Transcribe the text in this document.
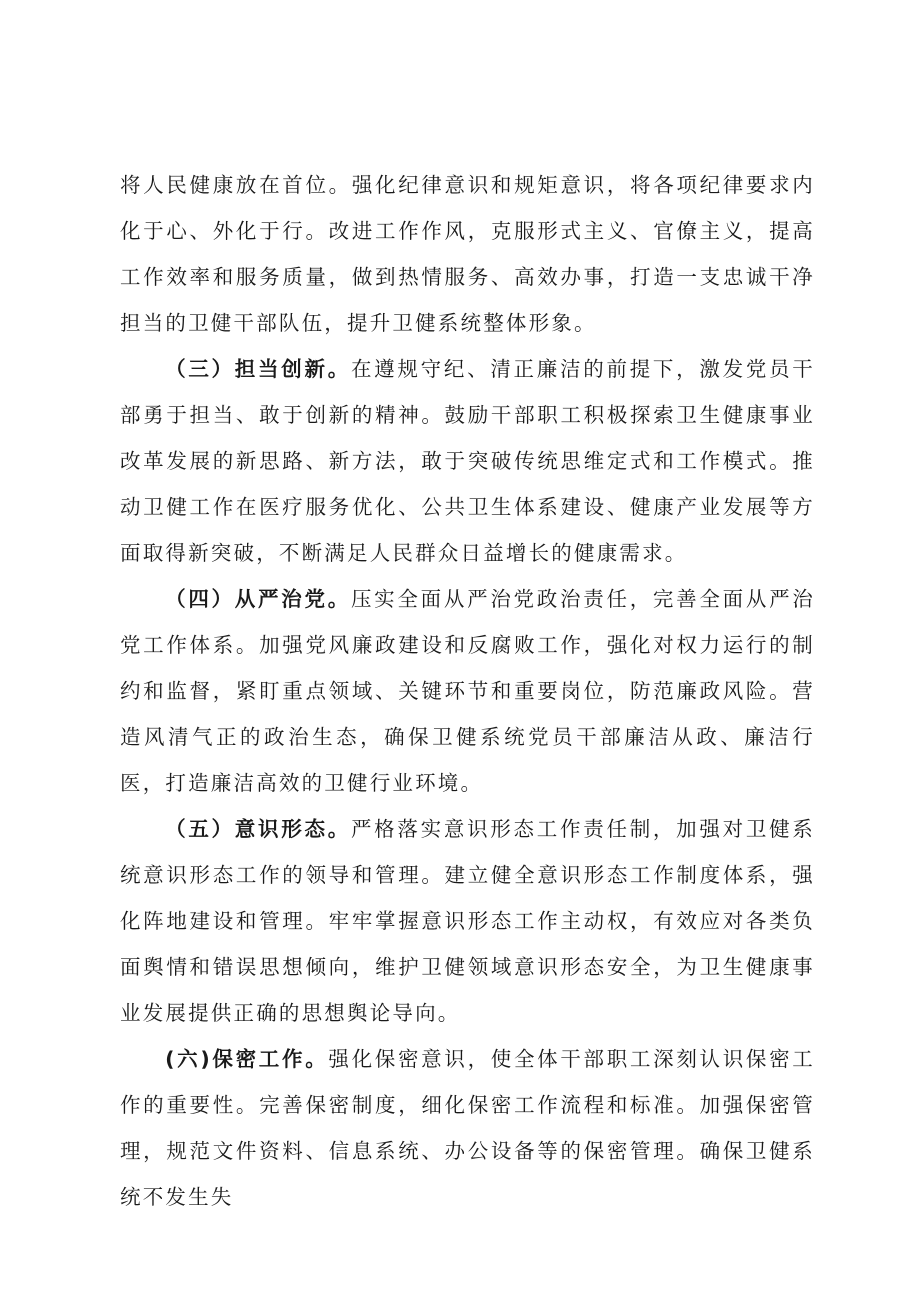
将人民健康放在首位。强化纪律意识和规矩意识，将各项纪律要求内化于心、外化于行。改进工作作风，克服形式主义、官僚主义，提高工作效率和服务质量，做到热情服务、高效办事，打造一支忠诚干净担当的卫健干部队伍，提升卫健系统整体形象。

（三）担当创新。在遵规守纪、清正廉洁的前提下，激发党员干部勇于担当、敢于创新的精神。鼓励干部职工积极探索卫生健康事业改革发展的新思路、新方法，敢于突破传统思维定式和工作模式。推动卫健工作在医疗服务优化、公共卫生体系建设、健康产业发展等方面取得新突破，不断满足人民群众日益增长的健康需求。

（四）从严治党。压实全面从严治党政治责任，完善全面从严治党工作体系。加强党风廉政建设和反腐败工作，强化对权力运行的制约和监督，紧盯重点领域、关键环节和重要岗位，防范廉政风险。营造风清气正的政治生态，确保卫健系统党员干部廉洁从政、廉洁行医，打造廉洁高效的卫健行业环境。

（五）意识形态。严格落实意识形态工作责任制，加强对卫健系统意识形态工作的领导和管理。建立健全意识形态工作制度体系，强化阵地建设和管理。牢牢掌握意识形态工作主动权，有效应对各类负面舆情和错误思想倾向，维护卫健领域意识形态安全，为卫生健康事业发展提供正确的思想舆论导向。

(六)保密工作。强化保密意识，使全体干部职工深刻认识保密工作的重要性。完善保密制度，细化保密工作流程和标准。加强保密管理，规范文件资料、信息系统、办公设备等的保密管理。确保卫健系统不发生失
